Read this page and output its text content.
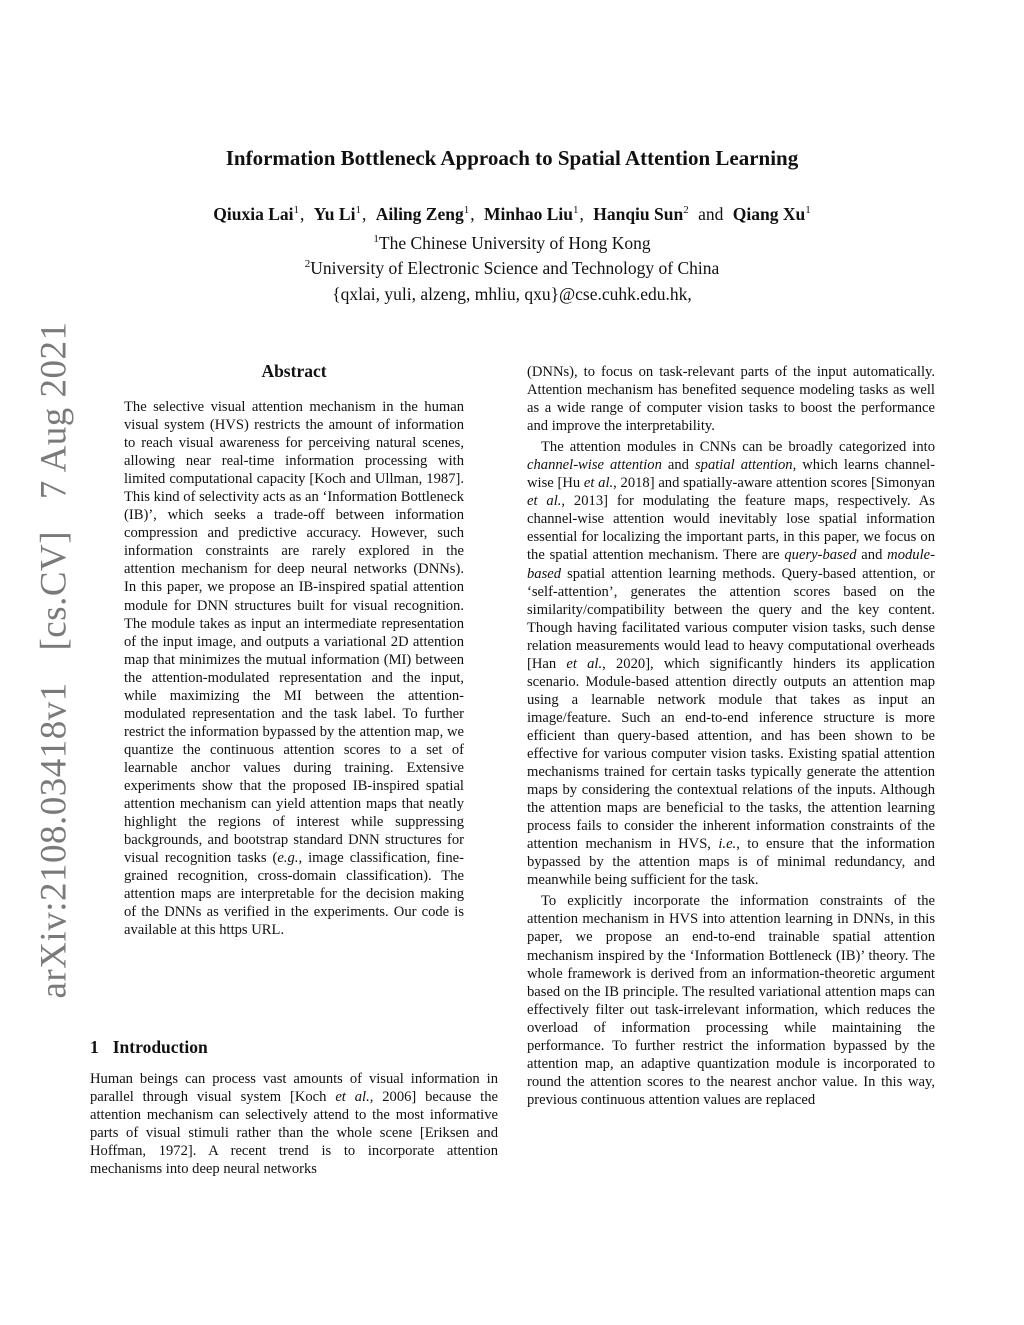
arXiv:2108.03418v1 [cs.CV] 7 Aug 2021
Information Bottleneck Approach to Spatial Attention Learning
Qiuxia Lai$^1$, Yu Li$^1$, Ailing Zeng$^1$, Minhao Liu$^1$, Hanqiu Sun$^2$ and Qiang Xu$^1$
$^1$The Chinese University of Hong Kong
$^2$University of Electronic Science and Technology of China
{qxlai, yuli, alzeng, mhliu, qxu}@cse.cuhk.edu.hk,
Abstract

The selective visual attention mechanism in the human visual system (HVS) restricts the amount of information to reach visual awareness for perceiving natural scenes, allowing near real-time information processing with limited computational capacity [Koch and Ullman, 1987]. This kind of selectivity acts as an ‘Information Bottleneck (IB)’, which seeks a trade-off between information compression and predictive accuracy. However, such information constraints are rarely explored in the attention mechanism for deep neural networks (DNNs). In this paper, we propose an IB-inspired spatial attention module for DNN structures built for visual recognition. The module takes as input an intermediate representation of the input image, and outputs a variational 2D attention map that minimizes the mutual information (MI) between the attention-modulated representation and the input, while maximizing the MI between the attention-modulated representation and the task label. To further restrict the information bypassed by the attention map, we quantize the continuous attention scores to a set of learnable anchor values during training. Extensive experiments show that the proposed IB-inspired spatial attention mechanism can yield attention maps that neatly highlight the regions of interest while suppressing backgrounds, and bootstrap standard DNN structures for visual recognition tasks (e.g., image classification, fine-grained recognition, cross-domain classification). The attention maps are interpretable for the decision making of the DNNs as verified in the experiments. Our code is available at this https URL.

1 Introduction

Human beings can process vast amounts of visual information in parallel through visual system [Koch et al., 2006] because the attention mechanism can selectively attend to the most informative parts of visual stimuli rather than the whole scene [Eriksen and Hoffman, 1972]. A recent trend is to incorporate attention mechanisms into deep neural networks

(DNNs), to focus on task-relevant parts of the input automatically. Attention mechanism has benefited sequence modeling tasks as well as a wide range of computer vision tasks to boost the performance and improve the interpretability.

The attention modules in CNNs can be broadly categorized into channel-wise attention and spatial attention, which learns channel-wise [Hu et al., 2018] and spatially-aware attention scores [Simonyan et al., 2013] for modulating the feature maps, respectively. As channel-wise attention would inevitably lose spatial information essential for localizing the important parts, in this paper, we focus on the spatial attention mechanism. There are query-based and module-based spatial attention learning methods. Query-based attention, or ‘self-attention’, generates the attention scores based on the similarity/compatibility between the query and the key content. Though having facilitated various computer vision tasks, such dense relation measurements would lead to heavy computational overheads [Han et al., 2020], which significantly hinders its application scenario. Module-based attention directly outputs an attention map using a learnable network module that takes as input an image/feature. Such an end-to-end inference structure is more efficient than query-based attention, and has been shown to be effective for various computer vision tasks. Existing spatial attention mechanisms trained for certain tasks typically generate the attention maps by considering the contextual relations of the inputs. Although the attention maps are beneficial to the tasks, the attention learning process fails to consider the inherent information constraints of the attention mechanism in HVS, i.e., to ensure that the information bypassed by the attention maps is of minimal redundancy, and meanwhile being sufficient for the task.

To explicitly incorporate the information constraints of the attention mechanism in HVS into attention learning in DNNs, in this paper, we propose an end-to-end trainable spatial attention mechanism inspired by the ‘Information Bottleneck (IB)’ theory. The whole framework is derived from an information-theoretic argument based on the IB principle. The resulted variational attention maps can effectively filter out task-irrelevant information, which reduces the overload of information processing while maintaining the performance. To further restrict the information bypassed by the attention map, an adaptive quantization module is incorporated to round the attention scores to the nearest anchor value. In this way, previous continuous attention values are replaced
